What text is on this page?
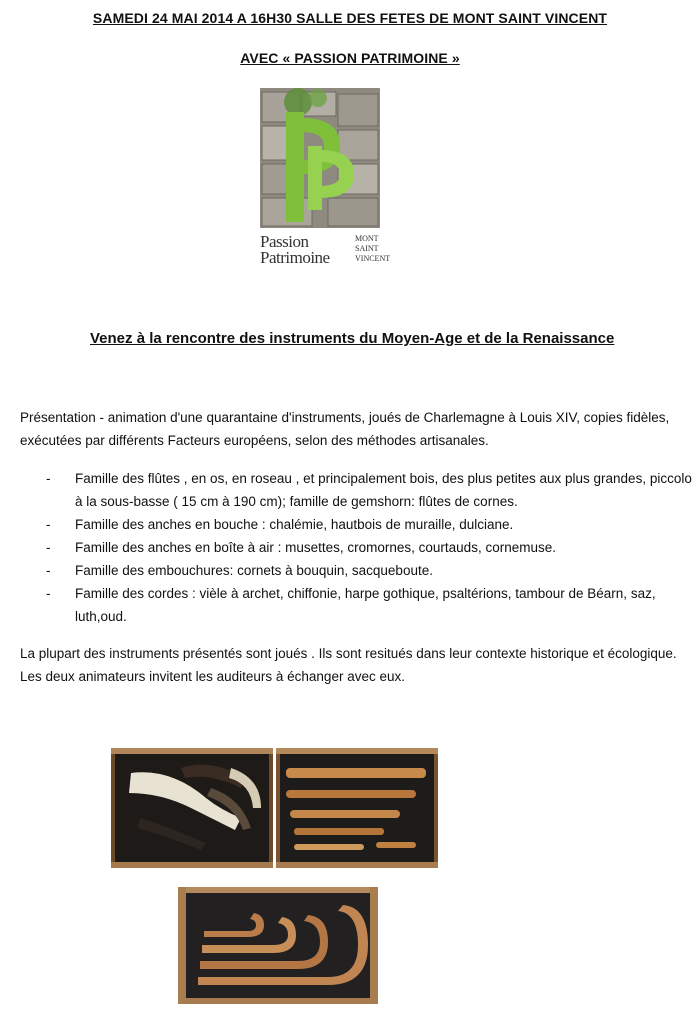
SAMEDI 24 MAI 2014 A 16H30 SALLE DES FETES DE MONT SAINT VINCENT
AVEC « PASSION PATRIMOINE »
Passion
Patrimoine
MONT
SAINT
VINCENT
Venez à la rencontre des instruments du Moyen-Age et de la Renaissance
Présentation - animation d'une quarantaine d'instruments, joués de Charlemagne à Louis XIV, copies fidèles, exécutées par différents Facteurs européens, selon des méthodes artisanales.
- Famille des flûtes , en os, en roseau , et principalement bois, des plus petites aux plus grandes, piccolo à la sous-basse ( 15 cm à 190 cm); famille de gemshorn: flûtes de cornes.
- Famille des anches en bouche : chalémie, hautbois de muraille, dulciane.
- Famille des anches en boîte à air : musettes, cromornes, courtauds, cornemuse.
- Famille des embouchures: cornets à bouquin, sacqueboute.
- Famille des cordes : vièle à archet, chiffonie, harpe gothique, psaltérions, tambour de Béarn, saz, luth,oud.
La plupart des instruments présentés sont joués . Ils sont resitués dans leur contexte historique et écologique.
Les deux animateurs invitent les auditeurs à échanger avec eux.
